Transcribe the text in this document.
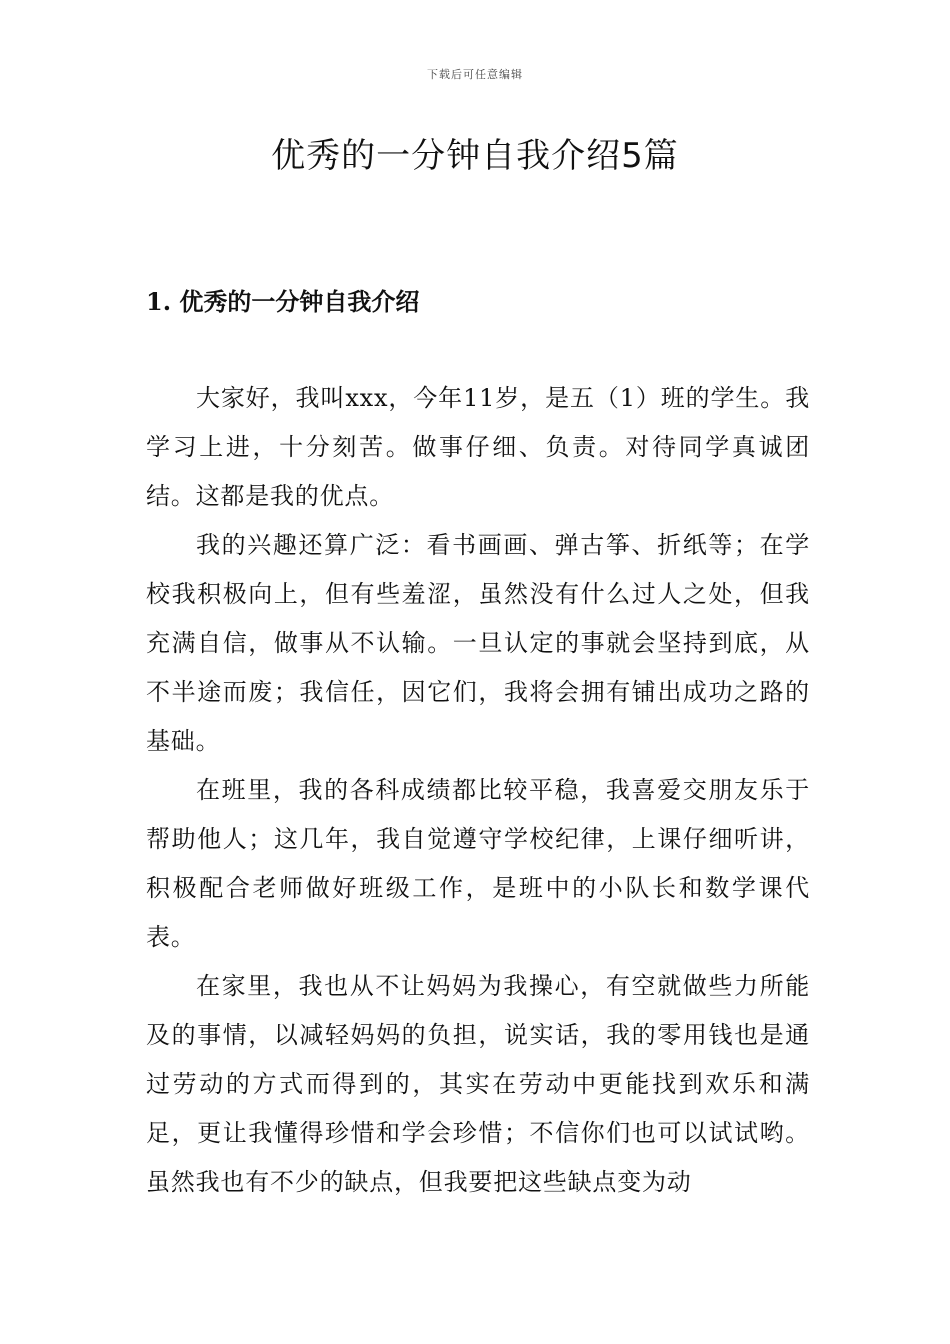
下载后可任意编辑
优秀的一分钟自我介绍5篇
1. 优秀的一分钟自我介绍

大家好，我叫xxx，今年11岁，是五（1）班的学生。我学习上进，十分刻苦。做事仔细、负责。对待同学真诚团结。这都是我的优点。

我的兴趣还算广泛：看书画画、弹古筝、折纸等；在学校我积极向上，但有些羞涩，虽然没有什么过人之处，但我充满自信，做事从不认输。一旦认定的事就会坚持到底，从不半途而废；我信任，因它们，我将会拥有铺出成功之路的基础。

在班里，我的各科成绩都比较平稳，我喜爱交朋友乐于帮助他人；这几年，我自觉遵守学校纪律，上课仔细听讲，积极配合老师做好班级工作，是班中的小队长和数学课代表。

在家里，我也从不让妈妈为我操心，有空就做些力所能及的事情，以减轻妈妈的负担，说实话，我的零用钱也是通过劳动的方式而得到的，其实在劳动中更能找到欢乐和满足，更让我懂得珍惜和学会珍惜；不信你们也可以试试哟。虽然我也有不少的缺点，但我要把这些缺点变为动
